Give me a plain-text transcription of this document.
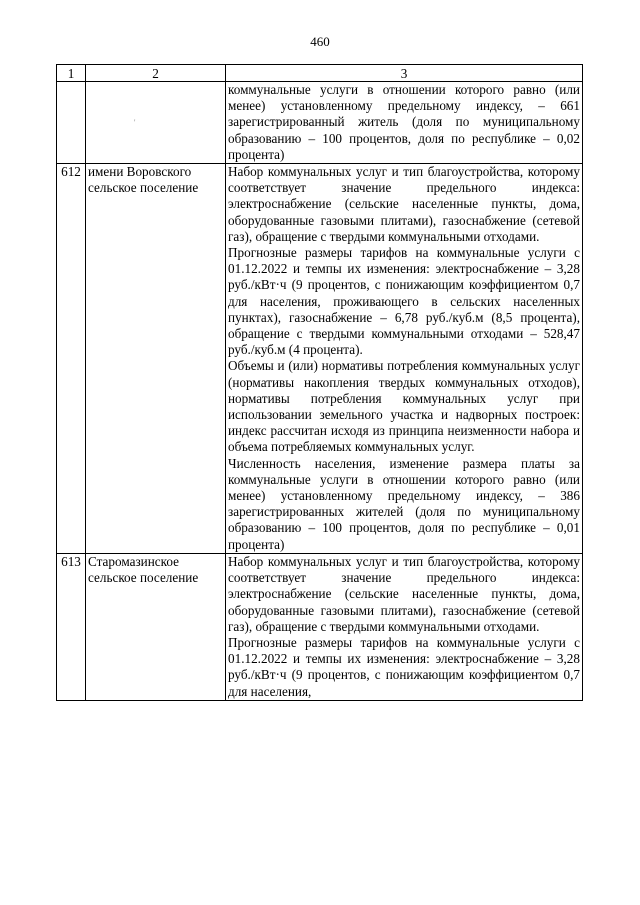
460
1	2	3

		коммунальные услуги в отношении которого равно (или менее) установленному предельному индексу, – 661 зарегистрированный житель (доля по муниципальному образованию – 100 процентов, доля по республике – 0,02 процента)

612	имени Воровского сельское поселение	Набор коммунальных услуг и тип благоустройства, которому соответствует значение предельного индекса: электроснабжение (сельские населенные пункты, дома, оборудованные газовыми плитами), газоснабжение (сетевой газ), обращение с твердыми коммунальными отходами.

Прогнозные размеры тарифов на коммунальные услуги с 01.12.2022 и темпы их изменения: электроснабжение – 3,28 руб./кВт·ч (9 процентов, с понижающим коэффициентом 0,7 для населения, проживающего в сельских населенных пунктах), газоснабжение – 6,78 руб./куб.м (8,5 процента), обращение с твердыми коммунальными отходами – 528,47 руб./куб.м (4 процента).

Объемы и (или) нормативы потребления коммунальных услуг (нормативы накопления твердых коммунальных отходов), нормативы потребления коммунальных услуг при использовании земельного участка и надворных построек: индекс рассчитан исходя из принципа неизменности набора и объема потребляемых коммунальных услуг.

Численность населения, изменение размера платы за коммунальные услуги в отношении которого равно (или менее) установленному предельному индексу, – 386 зарегистрированных жителей (доля по муниципальному образованию – 100 процентов, доля по республике – 0,01 процента)

613	Старомазинское сельское поселение	Набор коммунальных услуг и тип благоустройства, которому соответствует значение предельного индекса: электроснабжение (сельские населенные пункты, дома, оборудованные газовыми плитами), газоснабжение (сетевой газ), обращение с твердыми коммунальными отходами.

Прогнозные размеры тарифов на коммунальные услуги с 01.12.2022 и темпы их изменения: электроснабжение – 3,28 руб./кВт·ч (9 процентов, с понижающим коэффициентом 0,7 для населения,

'
